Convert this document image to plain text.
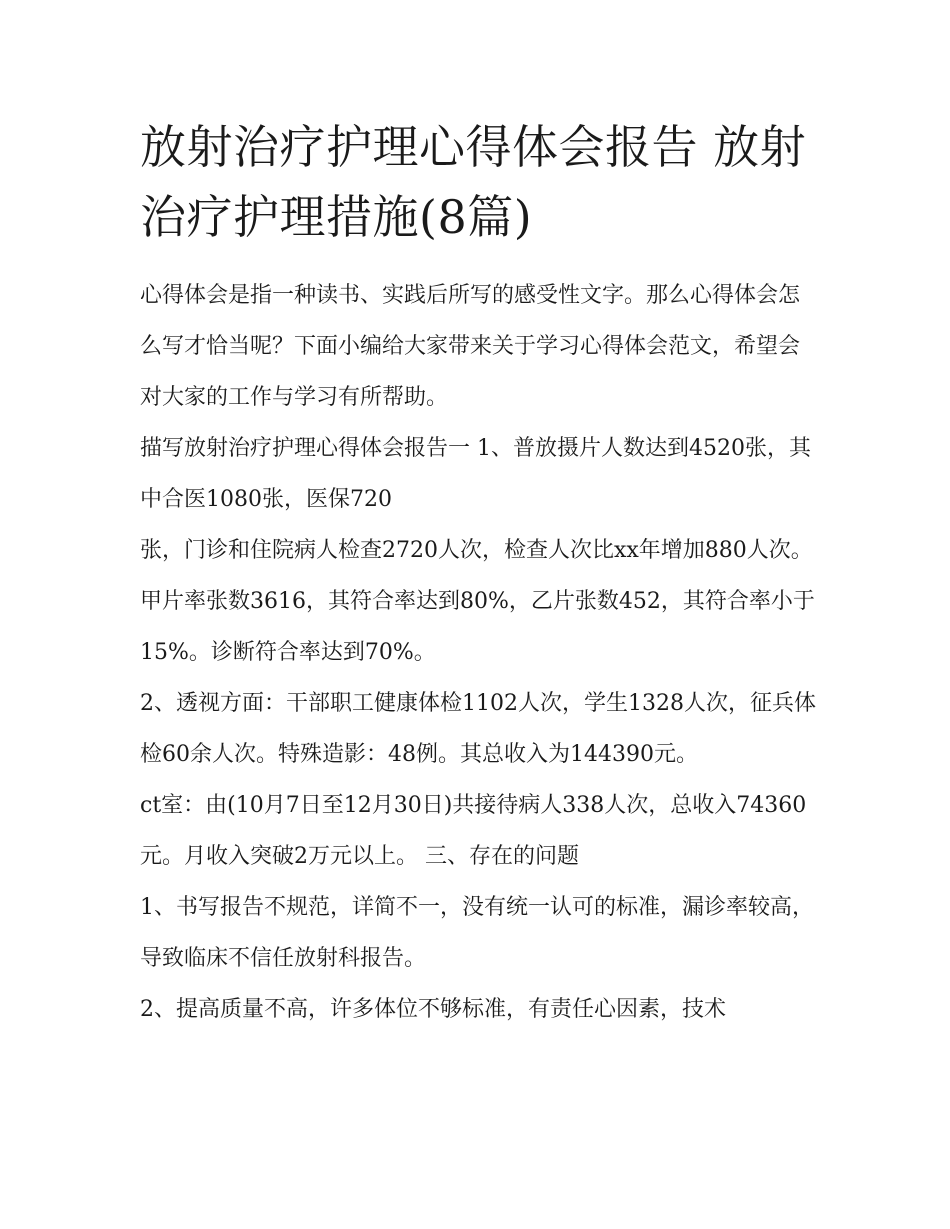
放射治疗护理心得体会报告 放射治疗护理措施(8篇)

心得体会是指一种读书、实践后所写的感受性文字。那么心得体会怎么写才恰当呢？下面小编给大家带来关于学习心得体会范文，希望会对大家的工作与学习有所帮助。

描写放射治疗护理心得体会报告一 1、普放摄片人数达到4520张，其中合医1080张，医保720

张，门诊和住院病人检查2720人次，检查人次比xx年增加880人次。甲片率张数3616，其符合率达到80%，乙片张数452，其符合率小于15%。诊断符合率达到70%。

2、透视方面：干部职工健康体检1102人次，学生1328人次，征兵体检60余人次。特殊造影：48例。其总收入为144390元。

ct室：由(10月7日至12月30日)共接待病人338人次，总收入74360元。月收入突破2万元以上。 三、存在的问题

1、书写报告不规范，详简不一，没有统一认可的标准，漏诊率较高，导致临床不信任放射科报告。

2、提高质量不高，许多体位不够标准，有责任心因素，技术
